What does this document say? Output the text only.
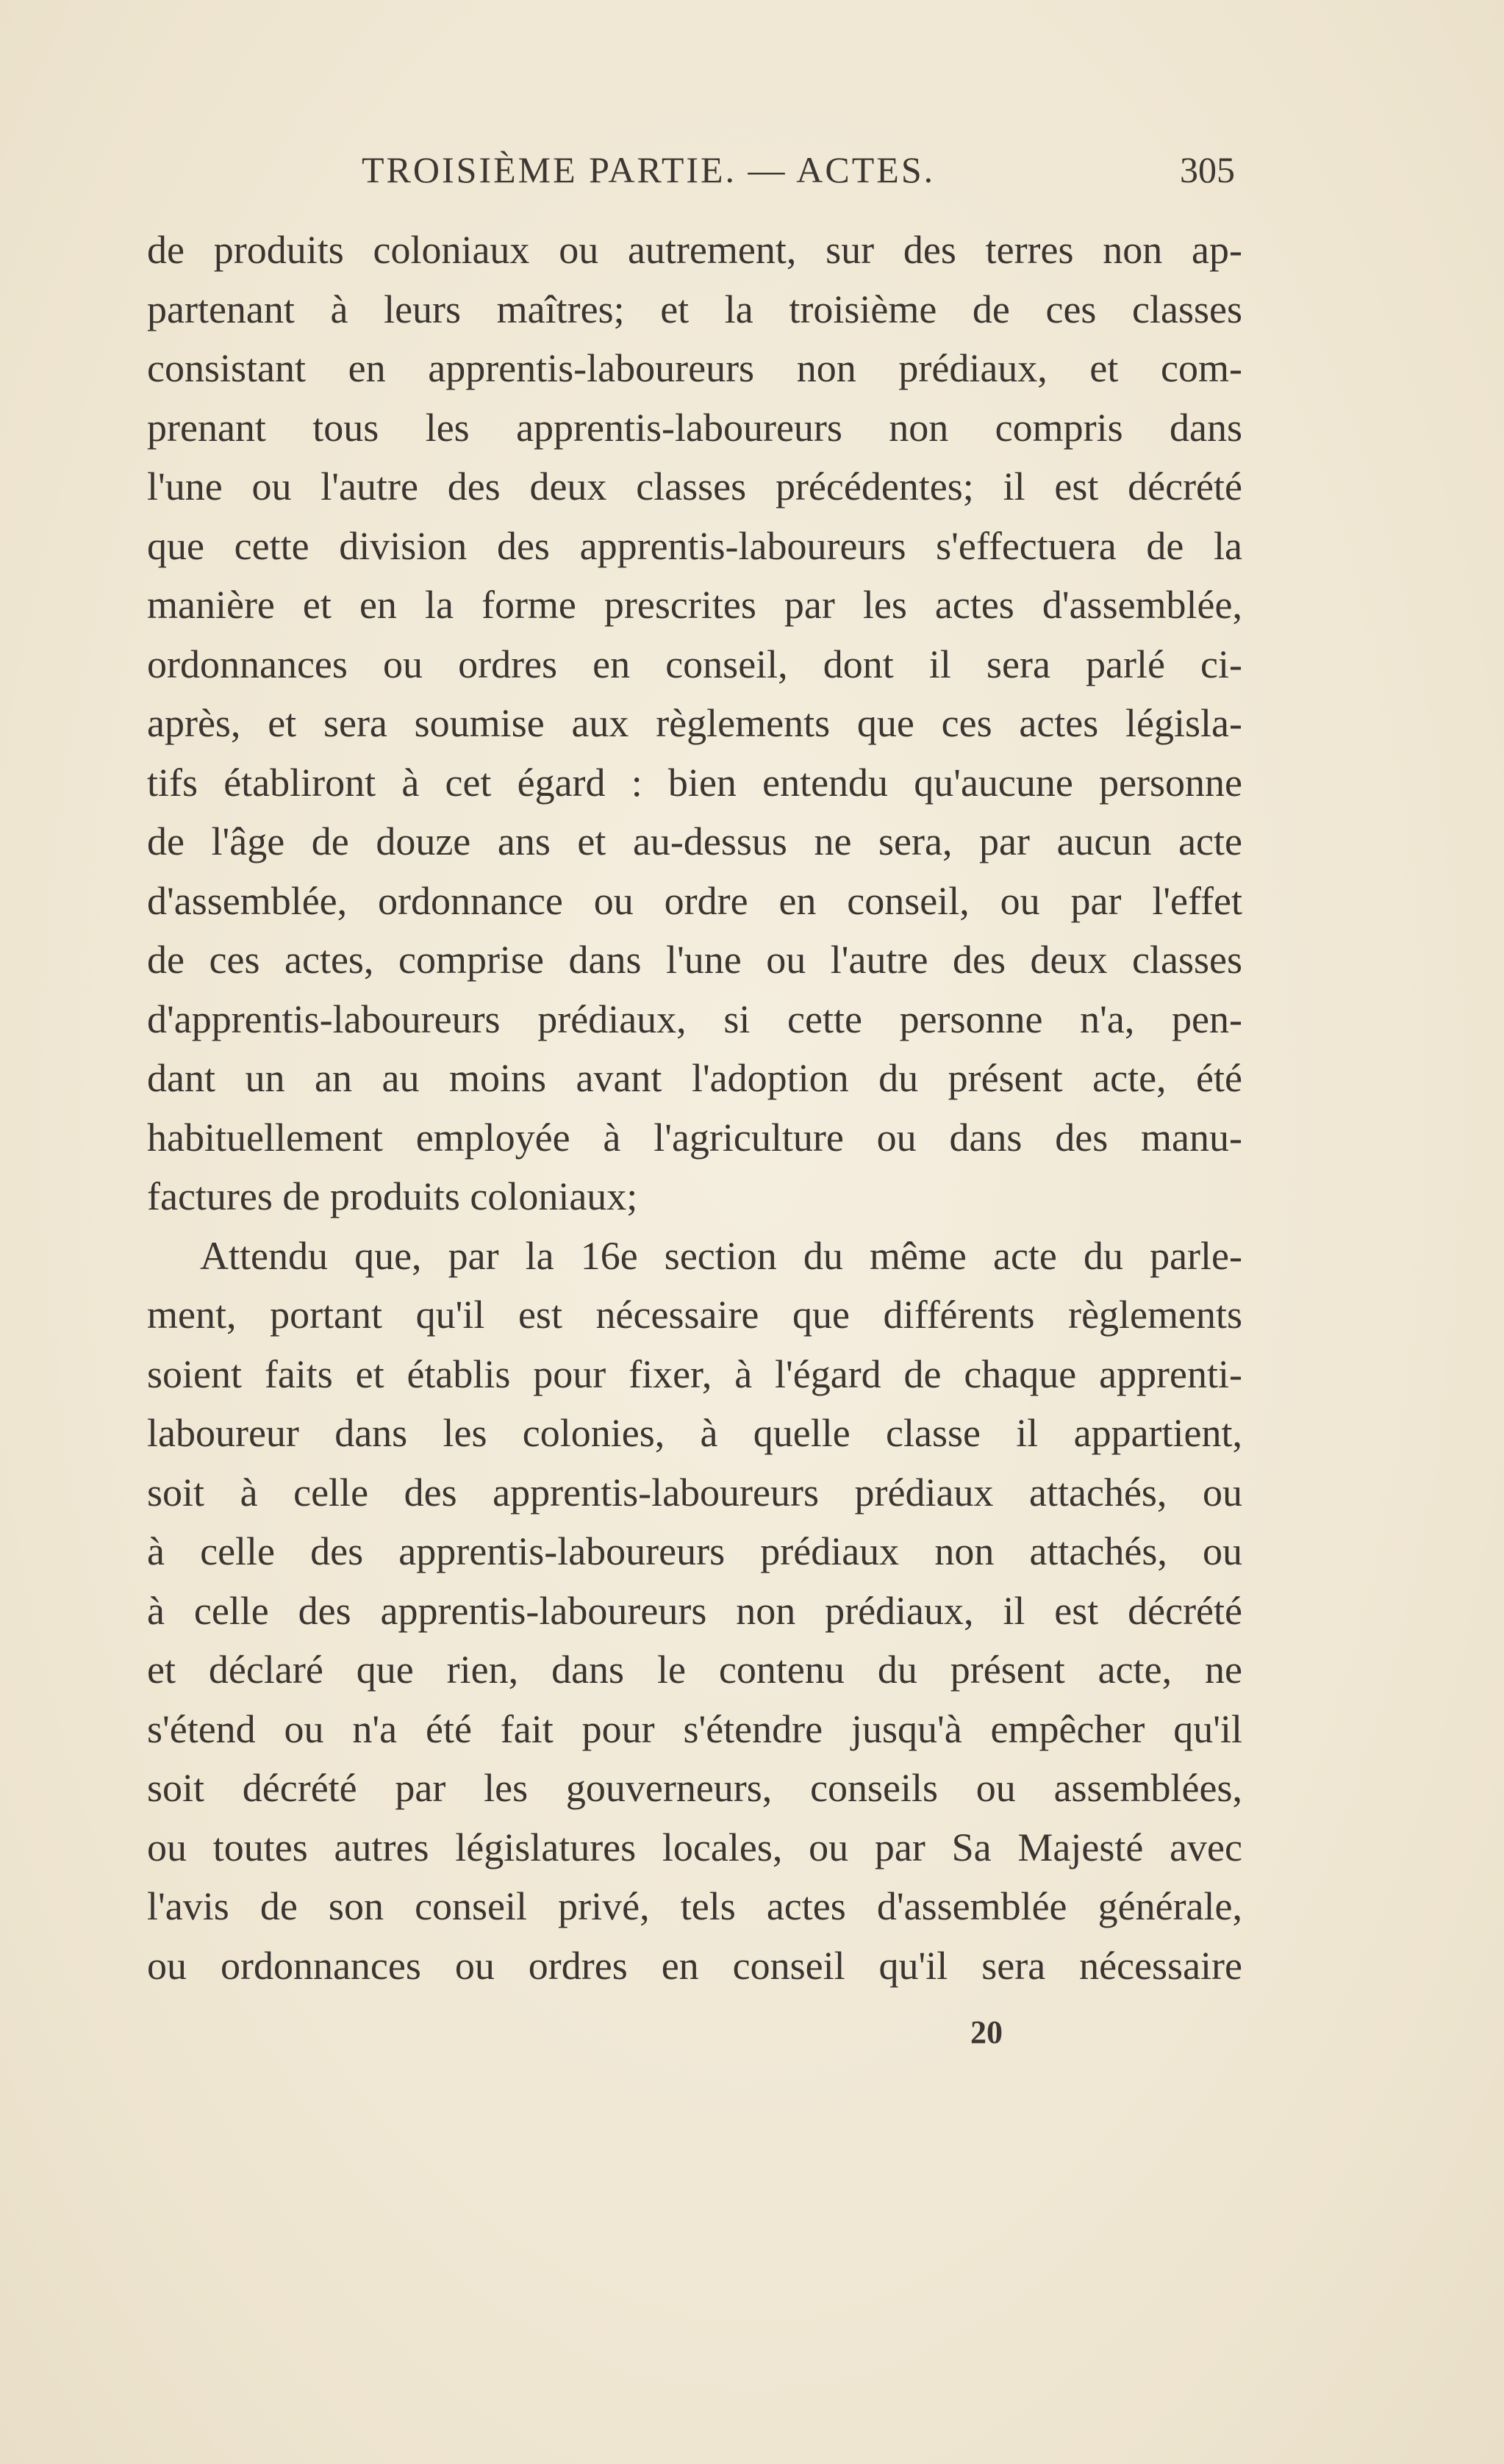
TROISIÈME PARTIE. — ACTES.	305
de produits coloniaux ou autrement, sur des terres non ap-
partenant à leurs maîtres; et la troisième de ces classes
consistant en apprentis-laboureurs non prédiaux, et com-
prenant tous les apprentis-laboureurs non compris dans
l'une ou l'autre des deux classes précédentes; il est décrété
que cette division des apprentis-laboureurs s'effectuera de la
manière et en la forme prescrites par les actes d'assemblée,
ordonnances ou ordres en conseil, dont il sera parlé ci-
après, et sera soumise aux règlements que ces actes législa-
tifs établiront à cet égard : bien entendu qu'aucune personne
de l'âge de douze ans et au-dessus ne sera, par aucun acte
d'assemblée, ordonnance ou ordre en conseil, ou par l'effet
de ces actes, comprise dans l'une ou l'autre des deux classes
d'apprentis-laboureurs prédiaux, si cette personne n'a, pen-
dant un an au moins avant l'adoption du présent acte, été
habituellement employée à l'agriculture ou dans des manu-
factures de produits coloniaux;
Attendu que, par la 16e section du même acte du parle-
ment, portant qu'il est nécessaire que différents règlements
soient faits et établis pour fixer, à l'égard de chaque apprenti-
laboureur dans les colonies, à quelle classe il appartient,
soit à celle des apprentis-laboureurs prédiaux attachés, ou
à celle des apprentis-laboureurs prédiaux non attachés, ou
à celle des apprentis-laboureurs non prédiaux, il est décrété
et déclaré que rien, dans le contenu du présent acte, ne
s'étend ou n'a été fait pour s'étendre jusqu'à empêcher qu'il
soit décrété par les gouverneurs, conseils ou assemblées,
ou toutes autres législatures locales, ou par Sa Majesté avec
l'avis de son conseil privé, tels actes d'assemblée générale,
ou ordonnances ou ordres en conseil qu'il sera nécessaire
20
